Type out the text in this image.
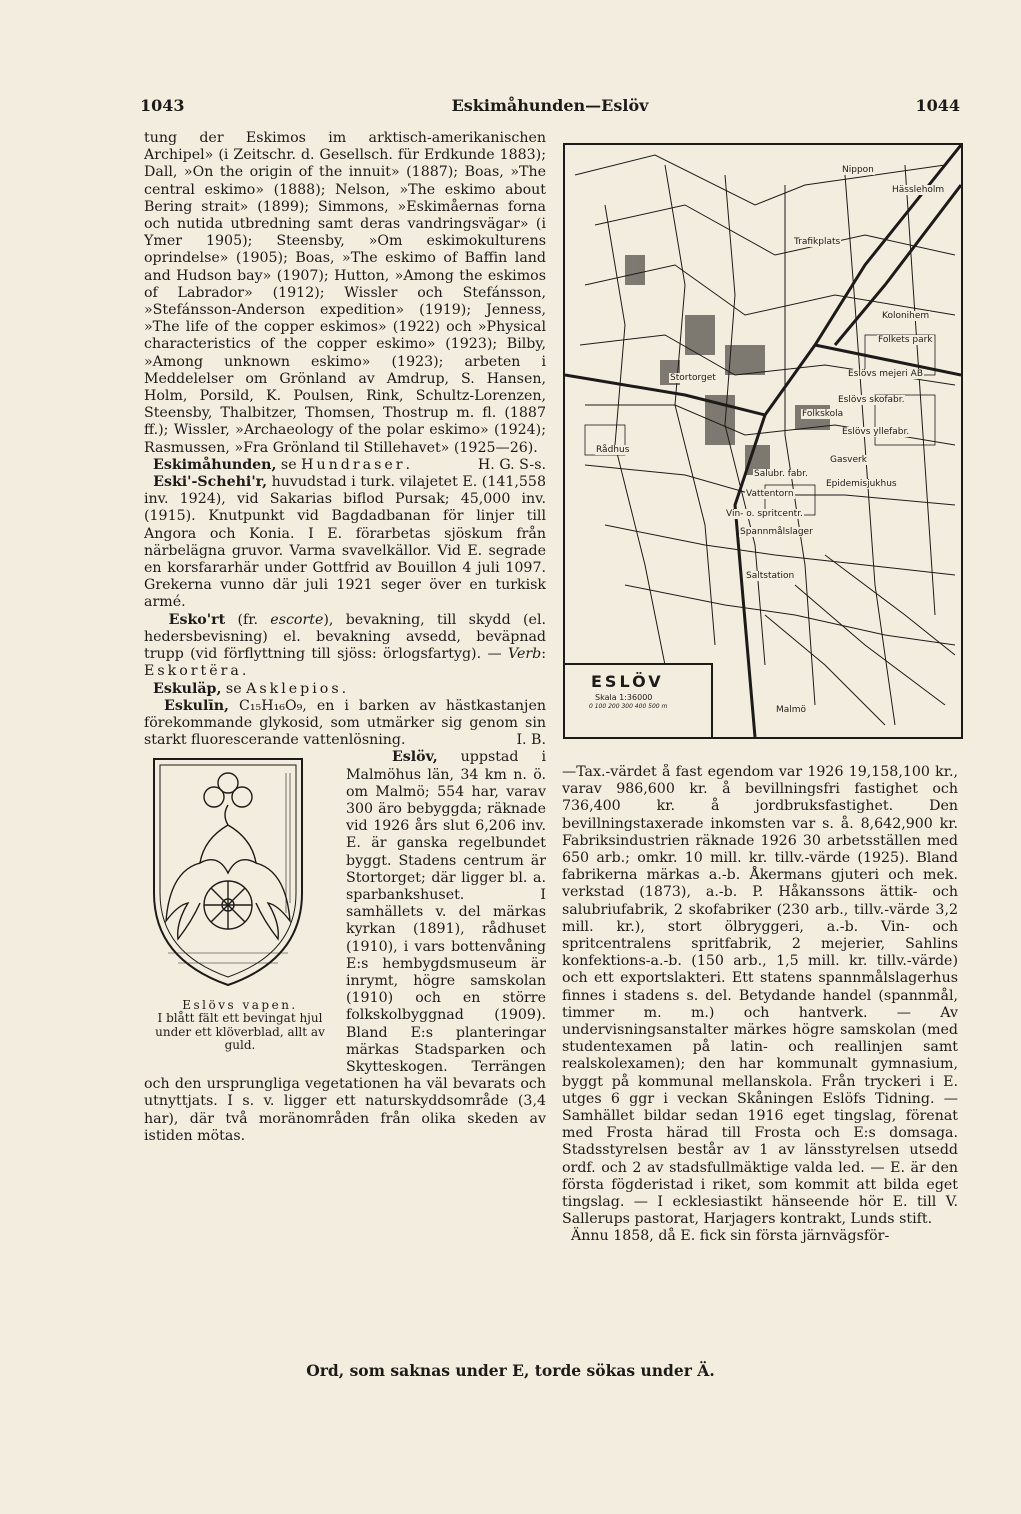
1043	Eskimåhunden—Eslöv	1044

tung der Eskimos im arktisch-amerikanischen Archipel» (i Zeitschr. d. Gesellsch. für Erdkunde 1883); Dall, »On the origin of the innuit» (1887); Boas, »The central eskimo» (1888); Nelson, »The eskimo about Bering strait» (1899); Simmons, »Eskimåernas forna och nutida utbredning samt deras vandringsvägar» (i Ymer 1905); Steensby, »Om eskimokulturens oprindelse» (1905); Boas, »The eskimo of Baffin land and Hudson bay» (1907); Hutton, »Among the eskimos of Labrador» (1912); Wissler och Stefánsson, »Stefánsson-Anderson expedition» (1919); Jenness, »The life of the copper eskimos» (1922) och »Physical characteristics of the copper eskimo» (1923); Bilby, »Among unknown eskimo» (1923); arbeten i Meddelelser om Grönland av Amdrup, S. Hansen, Holm, Porsild, K. Poulsen, Rink, Schultz-Lorenzen, Steensby, Thalbitzer, Thomsen, Thostrup m. fl. (1887 ff.); Wissler, »Archaeology of the polar eskimo» (1924); Rasmussen, »Fra Grönland til Stillehavet» (1925—26).
H. G. S-s.

Eskimåhunden, se Hundraser.

Eski'-Schehi'r, huvudstad i turk. vilajetet E. (141,558 inv. 1924), vid Sakarias biflod Pursak; 45,000 inv. (1915). Knutpunkt vid Bagdadbanan för linjer till Angora och Konia. I E. förarbetas sjöskum från närbelägna gruvor. Varma svavelkällor. Vid E. segrade en korsfararhär under Gottfrid av Bouillon 4 juli 1097. Grekerna vunno där juli 1921 seger över en turkisk armé.

Esko'rt (fr. escorte), bevakning, till skydd (el. hedersbevisning) el. bevakning avsedd, beväpnad trupp (vid förflyttning till sjöss: örlogsfartyg). — Verb: Eskortëra.

Eskuläp, se Asklepios.

Eskulīn, C₁₅H₁₆O₉, en i barken av hästkastanjen förekommande glykosid, som utmärker sig genom sin starkt fluorescerande vattenlösning.	I. B.

Eslövs vapen.
I blått fält ett bevingat hjul under ett klöverblad, allt av guld.
Eslöv, uppstad i Malmöhus län, 34 km n. ö. om Malmö; 554 har, varav 300 äro bebyggda; räknade vid 1926 års slut 6,206 inv. E. är ganska regelbundet byggt. Stadens centrum är Stortorget; där ligger bl. a. sparbankshuset. I samhällets v. del märkas kyrkan (1891), rådhuset (1910), i vars bottenvåning E:s hembygdsmuseum är inrymt, högre samskolan (1910) och en större folkskolbyggnad (1909). Bland E:s planteringar märkas Stadsparken och Skytteskogen. Terrängen och den ursprungliga vegetationen ha väl bevarats och utnyttjats. I s. v. ligger ett naturskyddsområde (3,4 har), där två moränområden från olika skeden av istiden mötas.

Trafikplats
Kolonihem
Folkets park
Stortorget	Eslövs mejeri AB
Eslövs skofabr.
Folkskola
Eslövs yllefabr.
Gasverk
Salubr. fabr.
Epidemisjukhus
Vattentorn
Vin- o. spritcentr.
Spannmålslager
Saltstation
Rådhus
Nippon
Hässleholm
Malmö
ESLÖV
Skala 1:36000
0 100 200 300 400 500 m

—Tax.-värdet å fast egendom var 1926 19,158,100 kr., varav 986,600 kr. å bevillningsfri fastighet och 736,400 kr. å jordbruksfastighet. Den bevillningstaxerade inkomsten var s. å. 8,642,900 kr. Fabriksindustrien räknade 1926 30 arbetsställen med 650 arb.; omkr. 10 mill. kr. tillv.-värde (1925). Bland fabrikerna märkas a.-b. Åkermans gjuteri och mek. verkstad (1873), a.-b. P. Håkanssons ättik- och salubriufabrik, 2 skofabriker (230 arb., tillv.-värde 3,2 mill. kr.), stort ölbryggeri, a.-b. Vin- och spritcentralens spritfabrik, 2 mejerier, Sahlins konfektions-a.-b. (150 arb., 1,5 mill. kr. tillv.-värde) och ett exportslakteri. Ett statens spannmålslagerhus finnes i stadens s. del. Betydande handel (spannmål, timmer m. m.) och hantverk. — Av undervisningsanstalter märkes högre samskolan (med studentexamen på latin- och reallinjen samt realskolexamen); den har kommunalt gymnasium, byggt på kommunal mellanskola. Från tryckeri i E. utges 6 ggr i veckan Skåningen Eslöfs Tidning. — Samhället bildar sedan 1916 eget tingslag, förenat med Frosta härad till Frosta och E:s domsaga. Stadsstyrelsen består av 1 av länsstyrelsen utsedd ordf. och 2 av stadsfullmäktige valda led. — E. är den första fögderistad i riket, som kommit att bilda eget tingslag. — I ecklesiastikt hänseende hör E. till V. Sallerups pastorat, Harjagers kontrakt, Lunds stift.

Ännu 1858, då E. fick sin första järnvägsför-

Ord, som saknas under E, torde sökas under Ä.
